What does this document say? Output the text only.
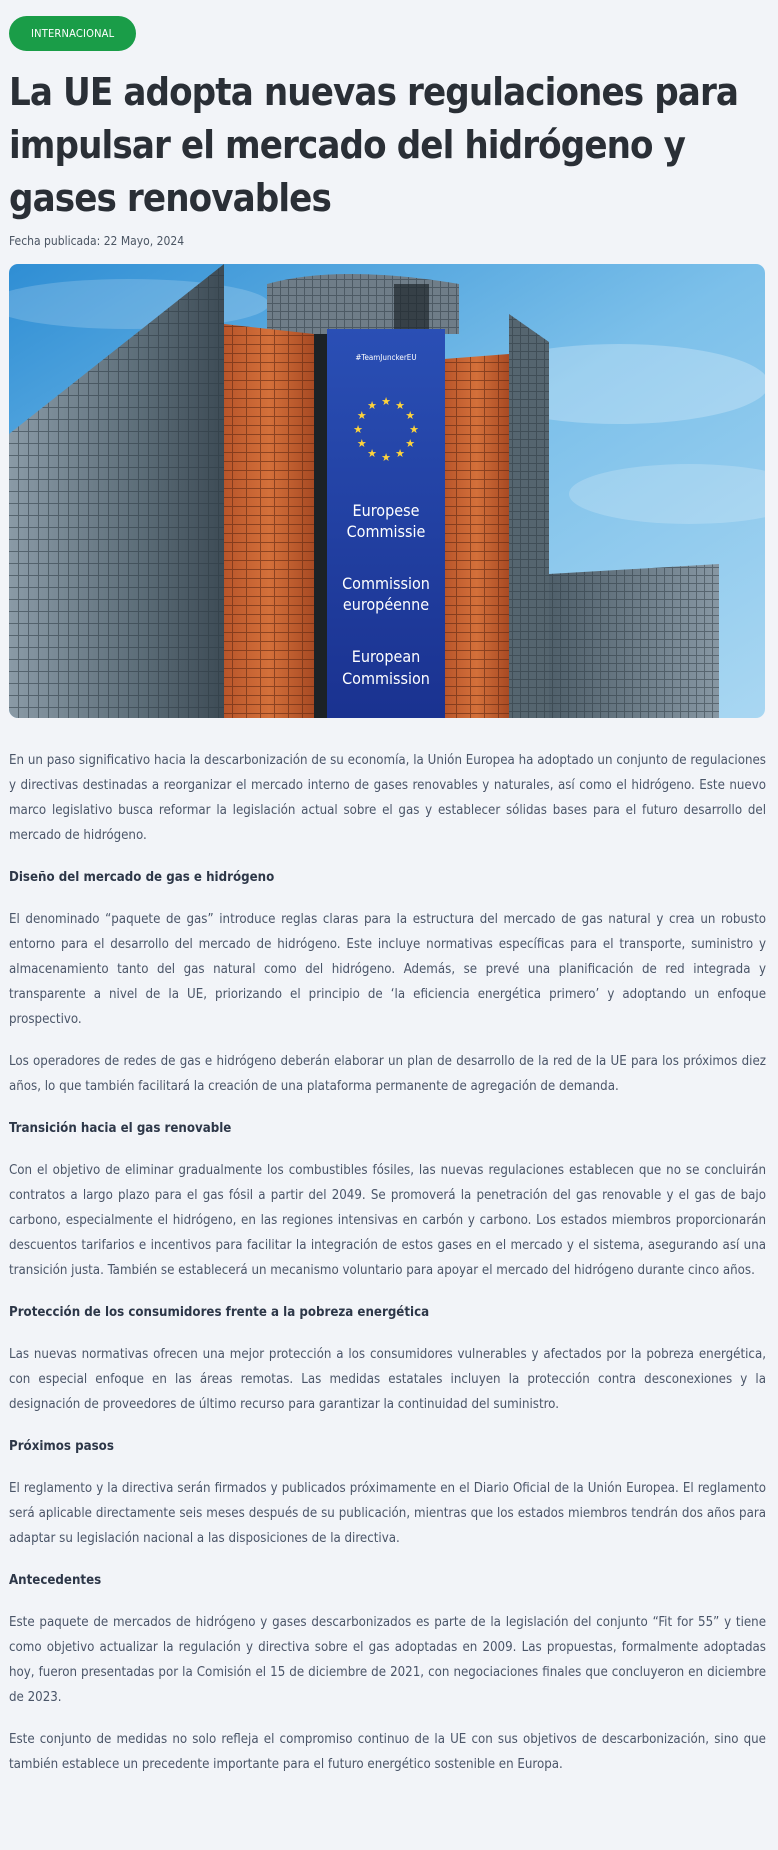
INTERNACIONAL
La UE adopta nuevas regulaciones para impulsar el mercado del hidrógeno y gases renovables
Fecha publicada: 22 Mayo, 2024
#TeamJunckerEU
★ ★
★
★
★
★
★
★
★
★
★
★
Europese
Commissie
Commission
européenne
European
Commission

En un paso significativo hacia la descarbonización de su economía, la Unión Europea ha adoptado un conjunto de regulaciones y directivas destinadas a reorganizar el mercado interno de gases renovables y naturales, así como el hidrógeno. Este nuevo marco legislativo busca reformar la legislación actual sobre el gas y establecer sólidas bases para el futuro desarrollo del mercado de hidrógeno.

Diseño del mercado de gas e hidrógeno

El denominado “paquete de gas” introduce reglas claras para la estructura del mercado de gas natural y crea un robusto entorno para el desarrollo del mercado de hidrógeno. Este incluye normativas específicas para el transporte, suministro y almacenamiento tanto del gas natural como del hidrógeno. Además, se prevé una planificación de red integrada y transparente a nivel de la UE, priorizando el principio de ‘la eficiencia energética primero’ y adoptando un enfoque prospectivo.

Los operadores de redes de gas e hidrógeno deberán elaborar un plan de desarrollo de la red de la UE para los próximos diez años, lo que también facilitará la creación de una plataforma permanente de agregación de demanda.

Transición hacia el gas renovable

Con el objetivo de eliminar gradualmente los combustibles fósiles, las nuevas regulaciones establecen que no se concluirán contratos a largo plazo para el gas fósil a partir del 2049. Se promoverá la penetración del gas renovable y el gas de bajo carbono, especialmente el hidrógeno, en las regiones intensivas en carbón y carbono. Los estados miembros proporcionarán descuentos tarifarios e incentivos para facilitar la integración de estos gases en el mercado y el sistema, asegurando así una transición justa. También se establecerá un mecanismo voluntario para apoyar el mercado del hidrógeno durante cinco años.

Protección de los consumidores frente a la pobreza energética

Las nuevas normativas ofrecen una mejor protección a los consumidores vulnerables y afectados por la pobreza energética, con especial enfoque en las áreas remotas. Las medidas estatales incluyen la protección contra desconexiones y la designación de proveedores de último recurso para garantizar la continuidad del suministro.

Próximos pasos

El reglamento y la directiva serán firmados y publicados próximamente en el Diario Oficial de la Unión Europea. El reglamento será aplicable directamente seis meses después de su publicación, mientras que los estados miembros tendrán dos años para adaptar su legislación nacional a las disposiciones de la directiva.

Antecedentes

Este paquete de mercados de hidrógeno y gases descarbonizados es parte de la legislación del conjunto “Fit for 55” y tiene como objetivo actualizar la regulación y directiva sobre el gas adoptadas en 2009. Las propuestas, formalmente adoptadas hoy, fueron presentadas por la Comisión el 15 de diciembre de 2021, con negociaciones finales que concluyeron en diciembre de 2023.

Este conjunto de medidas no solo refleja el compromiso continuo de la UE con sus objetivos de descarbonización, sino que también establece un precedente importante para el futuro energético sostenible en Europa.
